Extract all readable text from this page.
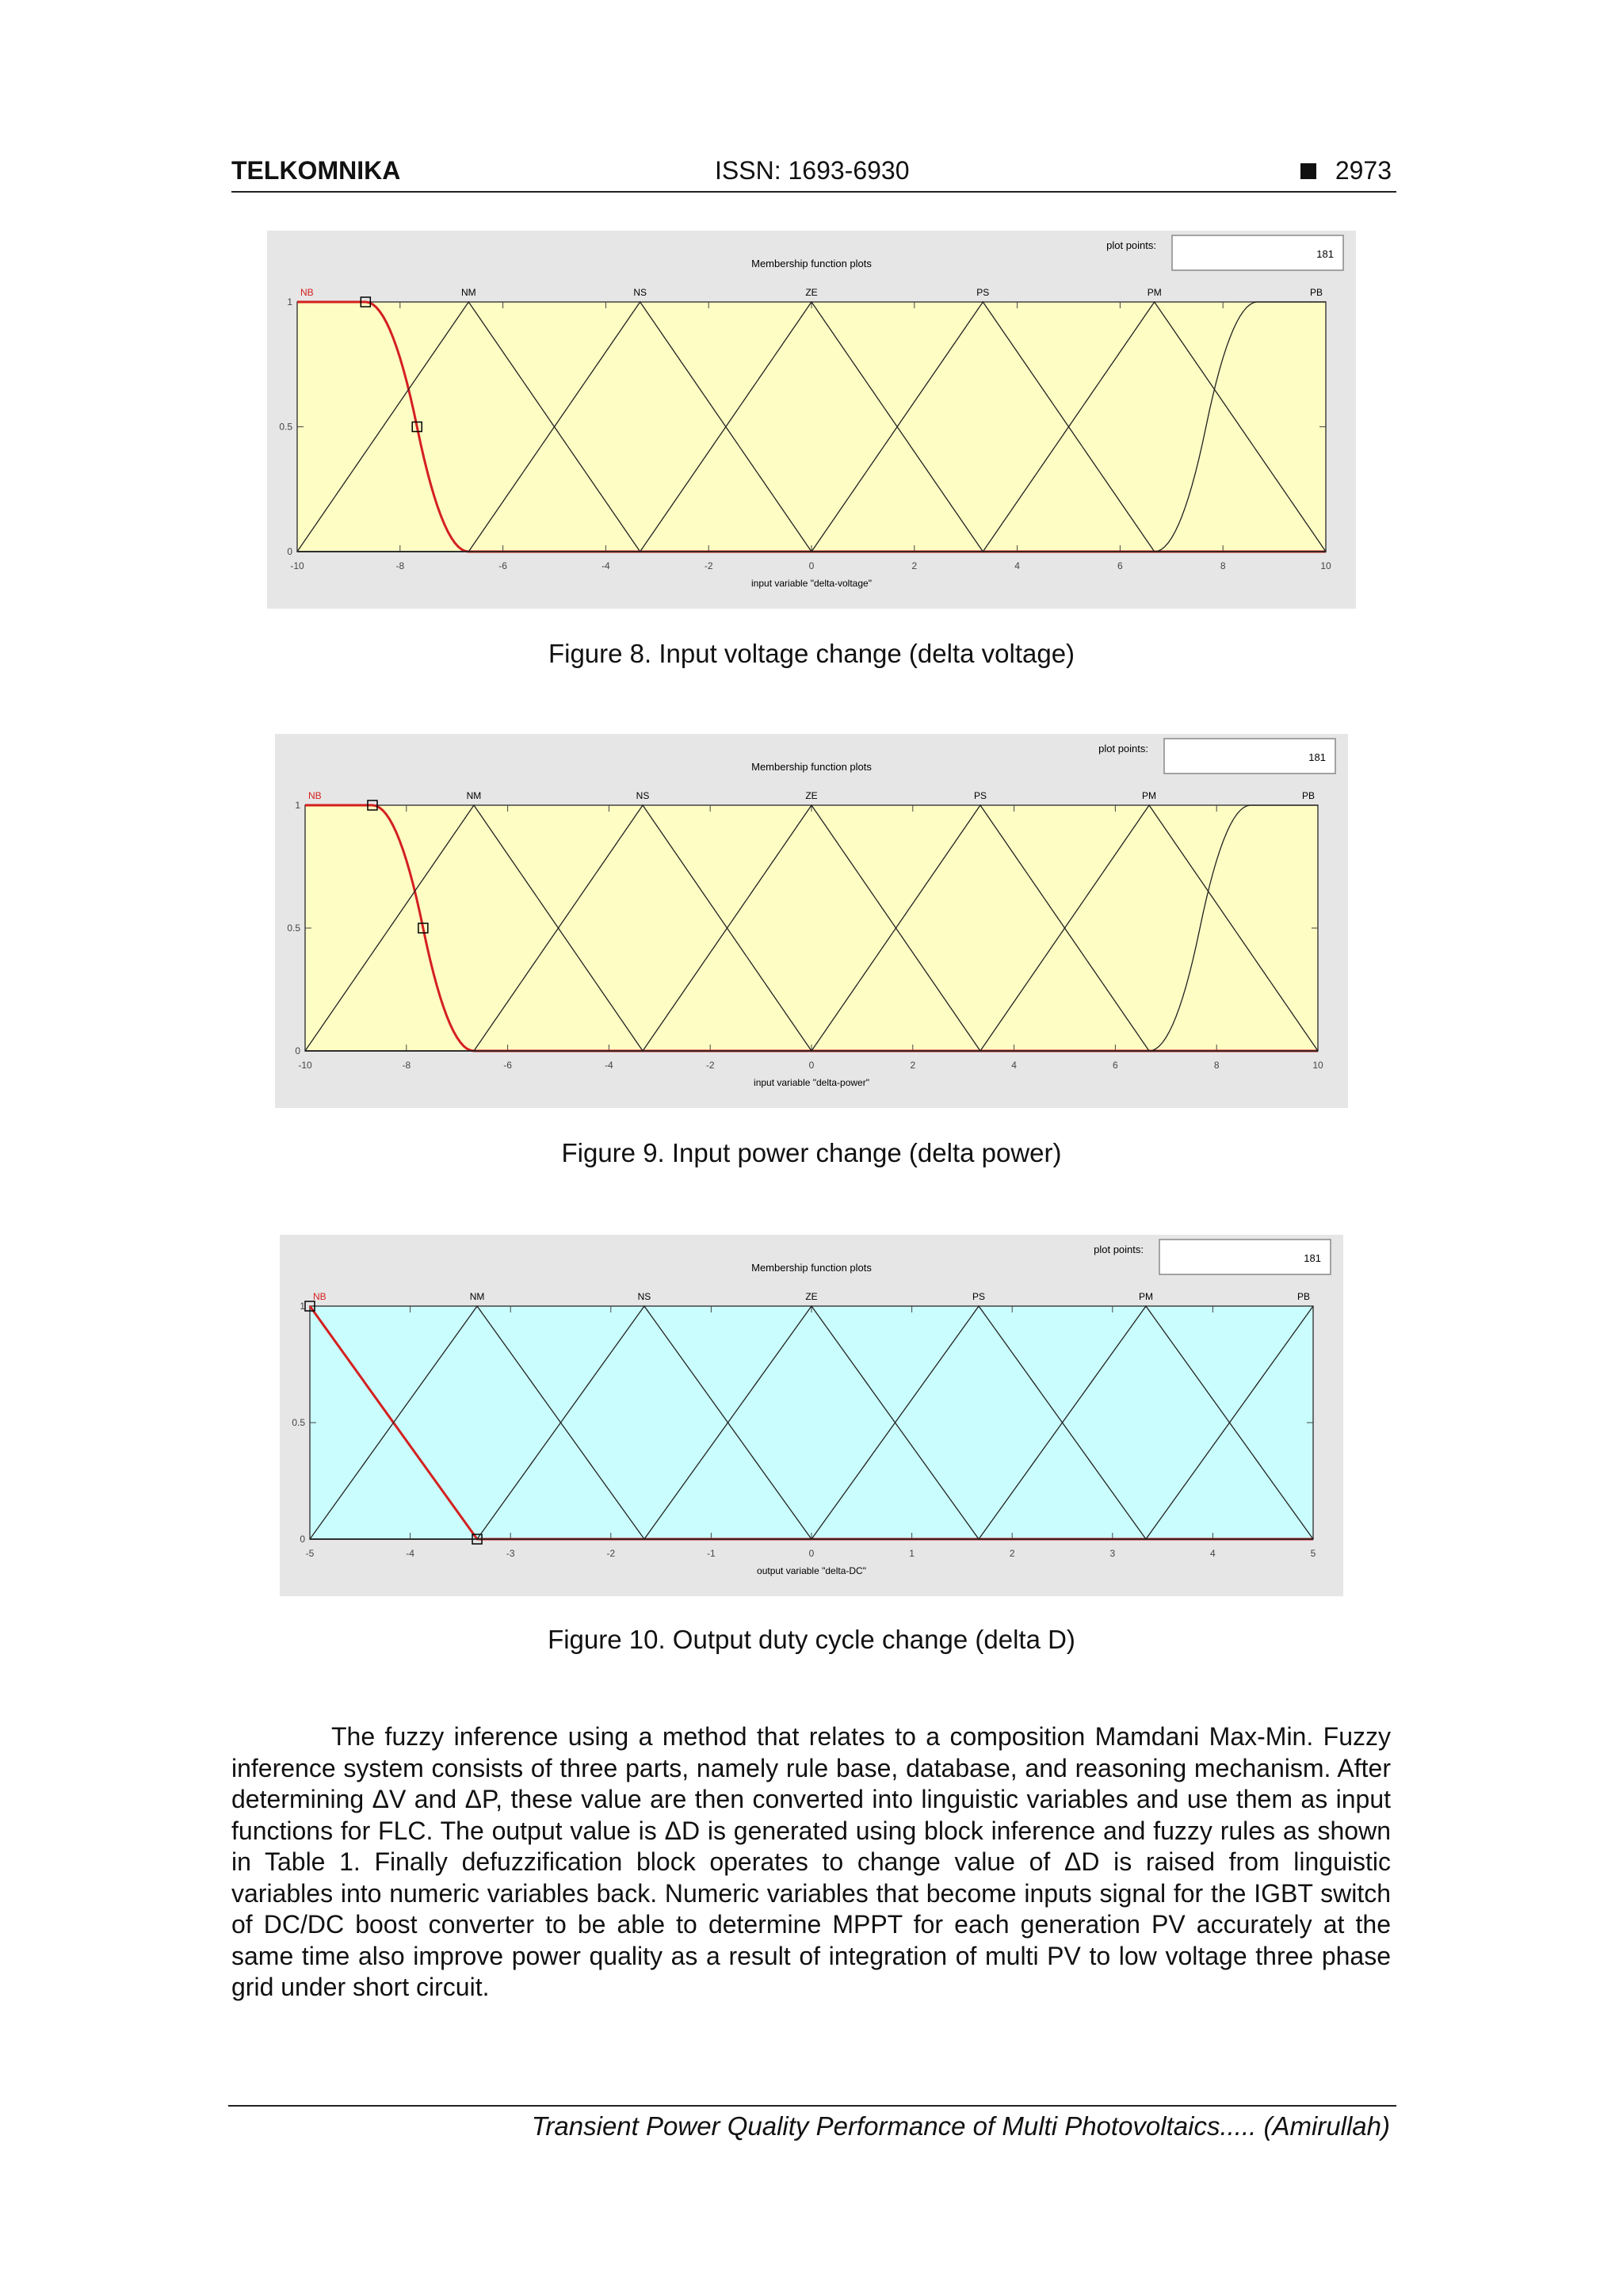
TELKOMNIKA	ISSN: 1693-6930	2973
Membership function plots
plot points:
181
-10	-8	-6	-4	-2	0	2	4	6	8	10
0
0.5
1
input variable "delta-voltage"
NB	NM	NS	ZE	PS	PM	PB
Figure 8. Input voltage change (delta voltage)
Membership function plots
plot points:
181
-10	-8	-6	-4	-2	0	2	4	6	8	10
0
0.5
1
input variable "delta-power"
NB	NM	NS	ZE	PS	PM	PB
Figure 9. Input power change (delta power)
Membership function plots
plot points:
181
-5	-4	-3	-2	-1	0	1	2	3	4	5
0
0.5
1
output variable "delta-DC"
NB	NM	NS	ZE	PS	PM	PB
Figure 10. Output duty cycle change (delta D)
The fuzzy inference using a method that relates to a composition Mamdani Max-Min. Fuzzy inference system consists of three parts, namely rule base, database, and reasoning mechanism. After determining ΔV and ΔP, these value are then converted into linguistic variables and use them as input functions for FLC. The output value is ΔD is generated using block inference and fuzzy rules as shown in Table 1. Finally defuzzification block operates to change value of ΔD is raised from linguistic variables into numeric variables back. Numeric variables that become inputs signal for the IGBT switch of DC/DC boost converter to be able to determine MPPT for each generation PV accurately at the same time also improve power quality as a result of integration of multi PV to low voltage three phase grid under short circuit.
Transient Power Quality Performance of Multi Photovoltaics..... (Amirullah)
